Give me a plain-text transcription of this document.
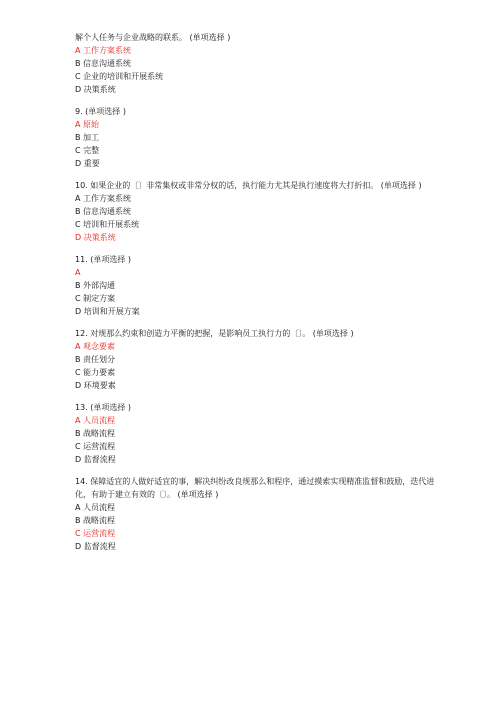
解个人任务与企业战略的联系。 (单项选择 )
A 工作方案系统
B 信息沟通系统
C 企业的培训和开展系统
D 决策系统
9. (单项选择 )
A 原始
B 加工
C 完整
D 重要
10. 如果企业的〔〕非常集权或非常分权的话，执行能力尤其是执行速度将大打折扣。 (单项选择 )
A 工作方案系统
B 信息沟通系统
C 培训和开展系统
D 决策系统
11. (单项选择 )
A
B 外部沟通
C 制定方案
D 培训和开展方案
12. 对规那么约束和创造力平衡的把握，是影响员工执行力的〔〕。 (单项选择 )
A 观念要素
B 责任划分
C 能力要素
D 环境要素
13. (单项选择 )
A 人员流程
B 战略流程
C 运营流程
D 监督流程
14. 保障适宜的人做好适宜的事，解决纠纷改良规那么和程序，通过摸索实现精准监督和鼓励，迭代进化，有助于建立有效的〔〕。 (单项选择 )
A 人员流程
B 战略流程
C 运营流程
D 监督流程
